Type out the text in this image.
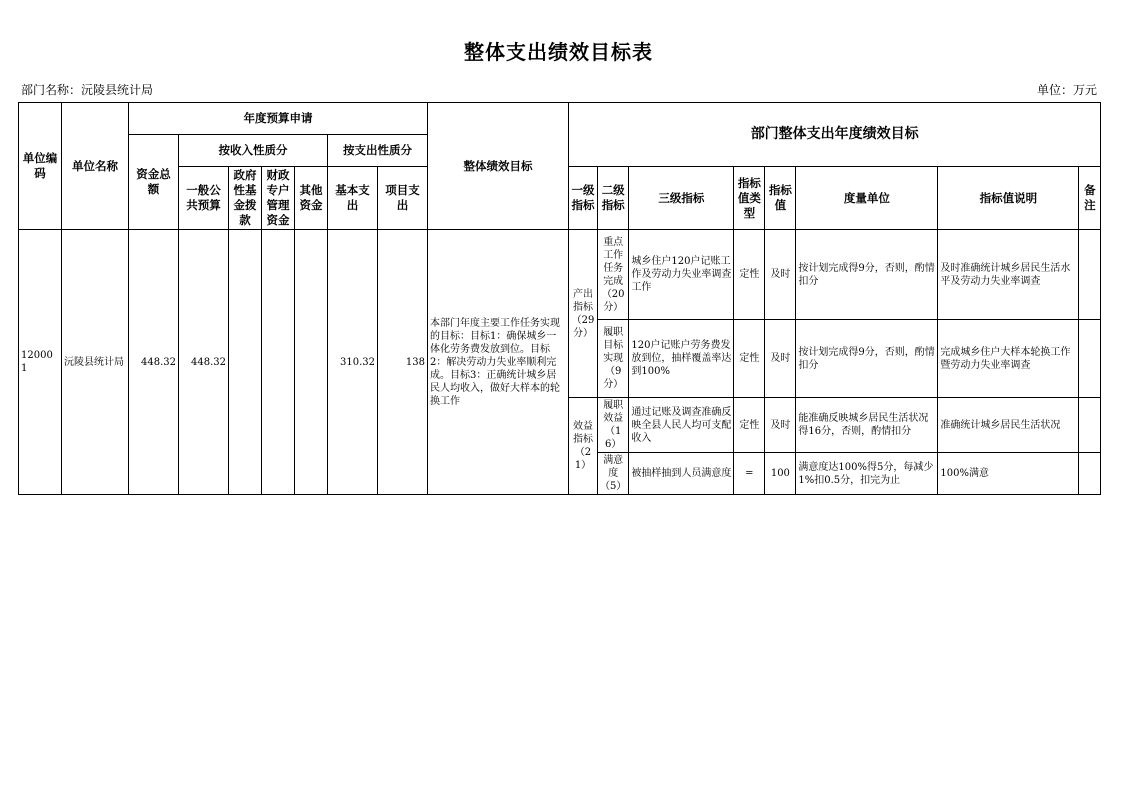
整体支出绩效目标表
部门名称：沅陵县统计局	单位：万元
单位编码	单位名称	年度预算申请							整体绩效目标	部门整体支出年度绩效目标							
		资金总额	按收入性质分				按支出性质分										
			一般公共预算	政府性基金拨款	财政专户管理资金	其他资金	基本支出	项目支出		一级指标	二级指标	三级指标	指标值类型	指标值	度量单位	指标值说明	备注
120001	沅陵县统计局	448.32	448.32				310.32	138	本部门年度主要工作任务实现的目标：目标1：确保城乡一体化劳务费发放到位。目标2：解决劳动力失业率顺利完成。目标3：正确统计城乡居民人均收入，做好大样本的轮换工作	产出指标（29分）	重点工作任务完成（20分）	城乡住户120户记账工作及劳动力失业率调查工作	定性	及时	按计划完成得9分，否则，酌情扣分	及时准确统计城乡居民生活水平及劳动力失业率调查	
											履职目标实现（9分）	120户记账户劳务费发放到位，抽样覆盖率达到100%	定性	及时	按计划完成得9分，否则，酌情扣分	完成城乡住户大样本轮换工作暨劳动力失业率调查	
										效益指标（21）	履职效益（16）	通过记账及调查准确反映全县人民人均可支配收入	定性	及时	能准确反映城乡居民生活状况得16分，否则，酌情扣分	准确统计城乡居民生活状况	
											满意度（5）	被抽样抽到人员满意度	=	100	满意度达100%得5分，每减少1%扣0.5分，扣完为止	100%满意	
